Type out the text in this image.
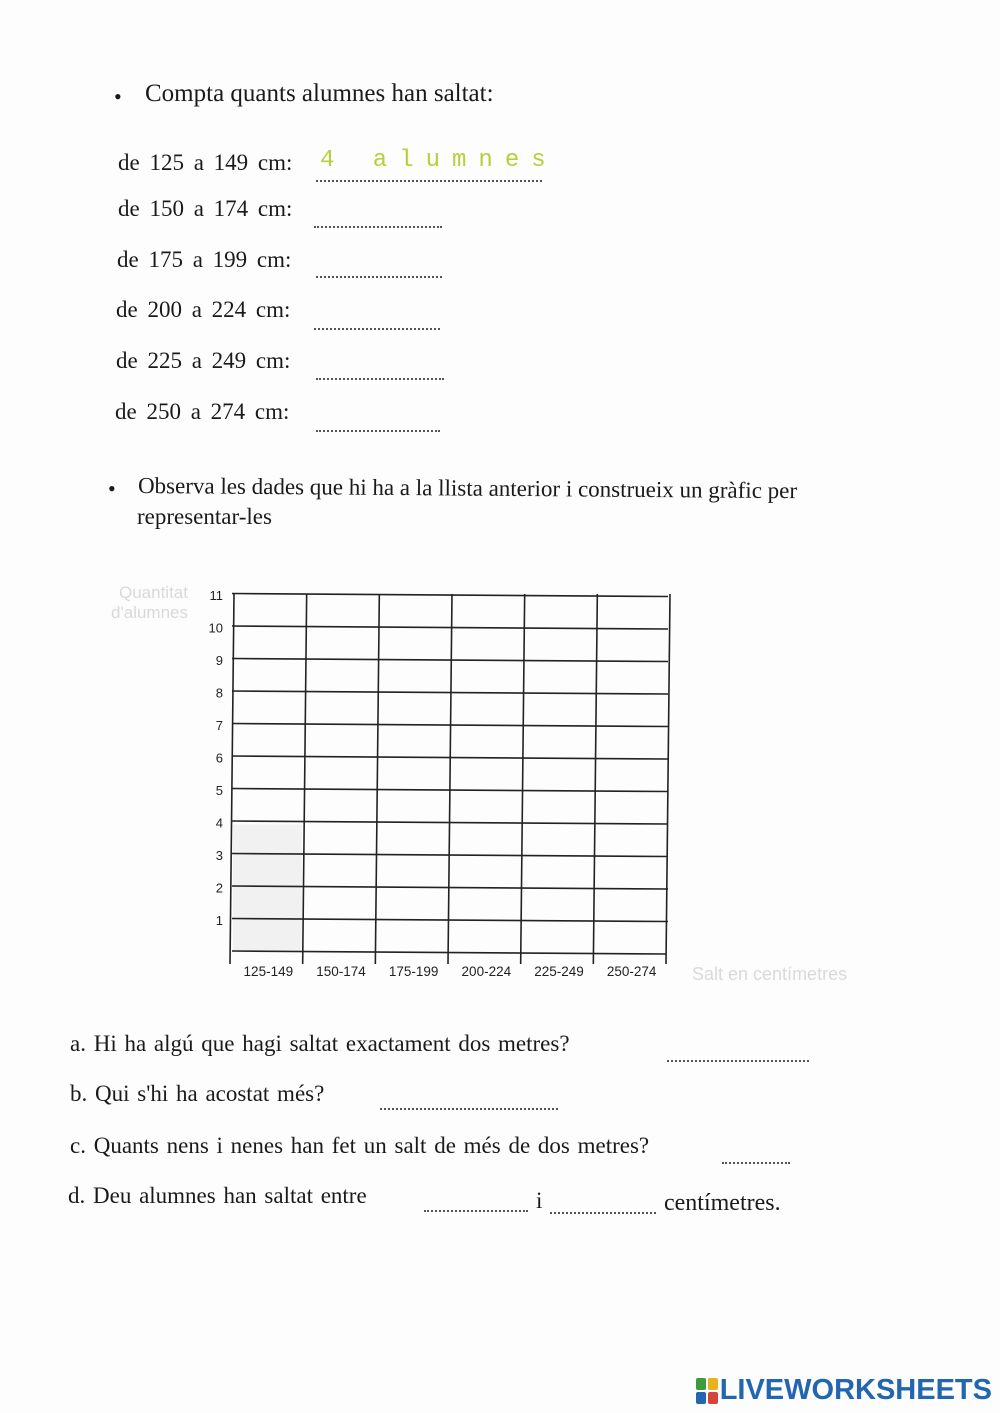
• Compta quants alumnes han saltat:
de 125 a 149 cm: 4 alumnes
de 150 a 174 cm:
de 175 a 199 cm:
de 200 a 224 cm:
de 225 a 249 cm:
de 250 a 274 cm:
• Observa les dades que hi ha a la llista anterior i construeix un gràfic per
representar-les
Quantitat
d'alumnes
Salt en centímetres
1
2
3
4
5
6
7
8
9
10
11
125-149 150-174 175-199 200-224 225-249 250-274
a. Hi ha algú que hagi saltat exactament dos metres?
b. Qui s'hi ha acostat més?
c. Quants nens i nenes han fet un salt de més de dos metres?
d. Deu alumnes han saltat entre	i	centímetres.
LIVEWORKSHEETS
